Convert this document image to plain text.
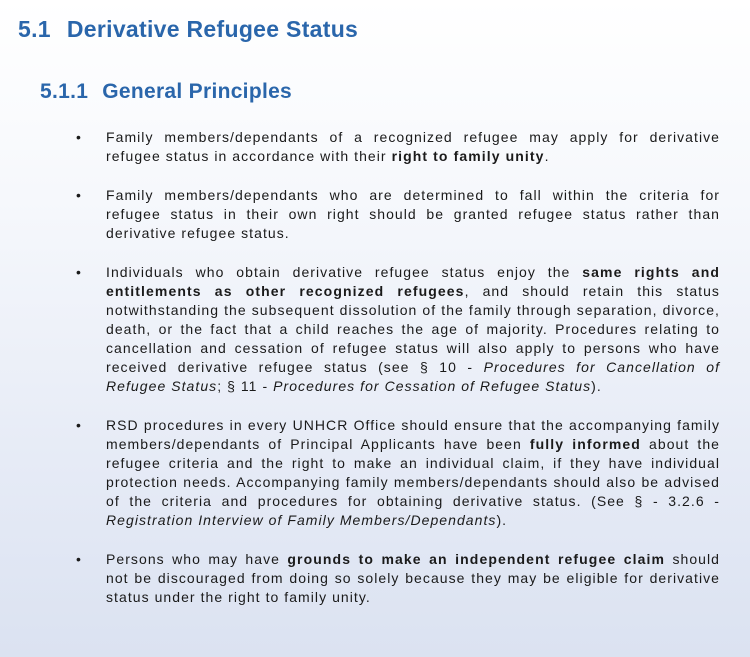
5.1 Derivative Refugee Status
5.1.1 General Principles
• Family members/dependants of a recognized refugee may apply for derivative refugee status in accordance with their right to family unity.
• Family members/dependants who are determined to fall within the criteria for refugee status in their own right should be granted refugee status rather than derivative refugee status.
• Individuals who obtain derivative refugee status enjoy the same rights and entitlements as other recognized refugees, and should retain this status notwithstanding the subsequent dissolution of the family through separation, divorce, death, or the fact that a child reaches the age of majority. Procedures relating to cancellation and cessation of refugee status will also apply to persons who have received derivative refugee status (see § 10 - Procedures for Cancellation of Refugee Status; § 11 - Procedures for Cessation of Refugee Status).
• RSD procedures in every UNHCR Office should ensure that the accompanying family members/dependants of Principal Applicants have been fully informed about the refugee criteria and the right to make an individual claim, if they have individual protection needs. Accompanying family members/dependants should also be advised of the criteria and procedures for obtaining derivative status. (See § - 3.2.6 - Registration Interview of Family Members/Dependants).
• Persons who may have grounds to make an independent refugee claim should not be discouraged from doing so solely because they may be eligible for derivative status under the right to family unity.
